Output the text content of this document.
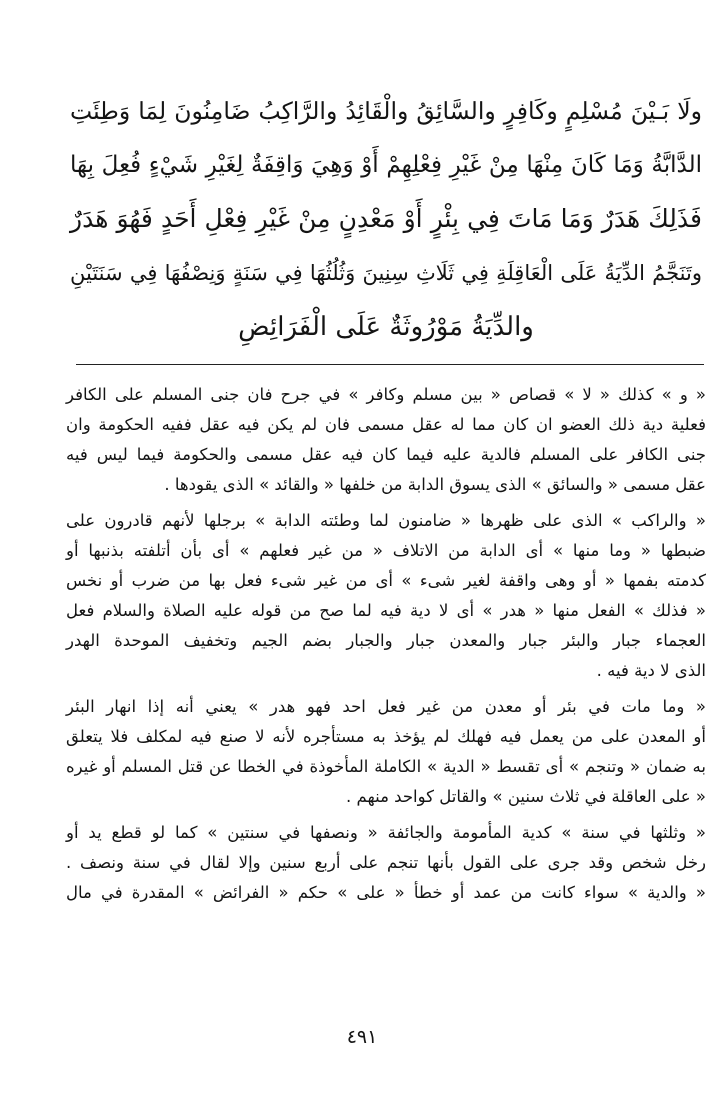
ولَا بَـيْنَ مُسْلِمٍ وكَافِرٍ والسَّائِقُ والْقَائِدُ والرَّاكِبُ ضَامِنُونَ لِمَا وَطِئَتِ
الدَّابَّةُ وَمَا كَانَ مِنْهَا مِنْ غَيْرِ فِعْلِهِمْ أَوْ وَهِيَ وَاقِفَةٌ لِغَيْرِ شَيْءٍ فُعِلَ بِهَا
فَذَلِكَ هَدَرٌ وَمَا مَاتَ فِي بِئْرٍ أَوْ مَعْدِنٍ مِنْ غَيْرِ فِعْلِ أَحَدٍ فَهُوَ هَدَرٌ
وتَنَجَّمُ الدِّيَةُ عَلَى الْعَاقِلَةِ فِي ثَلَاثِ سِنِينَ وَثُلُثُهَا فِي سَنَةٍ وَنِصْفُهَا فِي سَنَتَيْنِ
والدِّيَةُ مَوْرُوثَةٌ عَلَى الْفَرَائِضِ
« و » كذلك « لا » قصاص « بين مسلم وكافر » في جرح فان جنى المسلم على الكافر
فعلية دية ذلك العضو ان كان مما له عقل مسمى فان لم يكن فيه عقل ففيه الحكومة وان
جنى الكافر على المسلم فالدية عليه فيما كان فيه عقل مسمى والحكومة فيما ليس فيه
عقل مسمى « والسائق » الذى يسوق الدابة من خلفها « والقائد » الذى يقودها .
« والراكب » الذى على ظهرها « ضامنون لما وطئته الدابة » برجلها لأنهم قادرون على
ضبطها « وما منها » أى الدابة من الاتلاف « من غير فعلهم » أى بأن أتلفته بذنبها أو
كدمته بفمها « أو وهى واقفة لغير شىء » أى من غير شىء فعل بها من ضرب أو نخس
« فذلك » الفعل منها « هدر » أى لا دية فيه لما صح من قوله عليه الصلاة والسلام فعل
العجماء جبار والبئر جبار والمعدن جبار والجبار بضم الجيم وتخفيف الموحدة الهدر
الذى لا دية فيه .
« وما مات في بئر أو معدن من غير فعل احد فهو هدر » يعني أنه إذا انهار البئر
أو المعدن على من يعمل فيه فهلك لم يؤخذ به مستأجره لأنه لا صنع فيه لمكلف فلا يتعلق
به ضمان « وتنجم » أى تقسط « الدية » الكاملة المأخوذة في الخطا عن قتل المسلم أو غيره
« على العاقلة في ثلاث سنين » والقاتل كواحد منهم .
« وثلثها في سنة » كدية المأمومة والجائفة « ونصفها في سنتين » كما لو قطع يد أو
رخل شخص وقد جرى على القول بأنها تنجم على أربع سنين وإلا لقال في سنة ونصف .
« والدية » سواء كانت من عمد أو خطأ « على » حكم « الفرائض » المقدرة في مال
٤٩١
